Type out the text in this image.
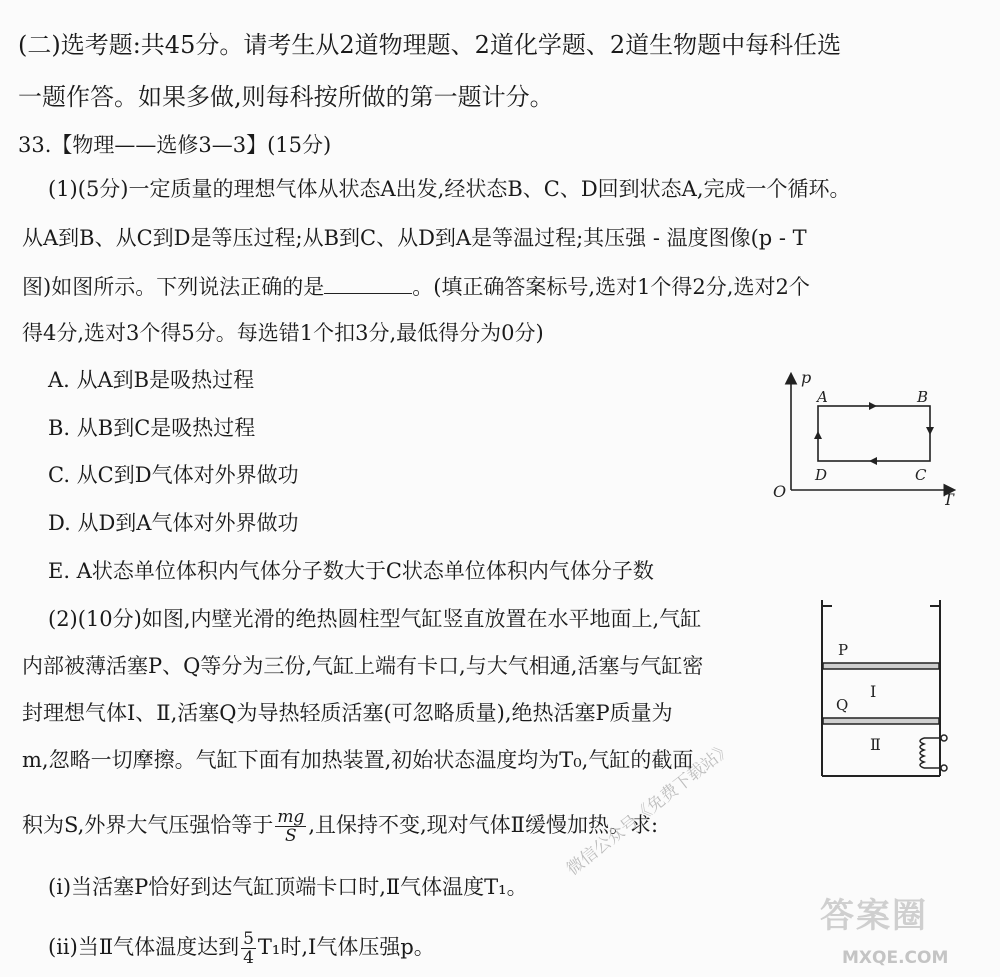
(二)选考题:共45分。请考生从2道物理题、2道化学题、2道生物题中每科任选
一题作答。如果多做,则每科按所做的第一题计分。
33.【物理——选修3—3】(15分)
(1)(5分)一定质量的理想气体从状态A出发,经状态B、C、D回到状态A,完成一个循环。
从A到B、从C到D是等压过程;从B到C、从D到A是等温过程;其压强 - 温度图像(p - T
图)如图所示。下列说法正确的是	。(填正确答案标号,选对1个得2分,选对2个
得4分,选对3个得5分。每选错1个扣3分,最低得分为0分)
A. 从A到B是吸热过程
B. 从B到C是吸热过程
C. 从C到D气体对外界做功
D. 从D到A气体对外界做功
E. A状态单位体积内气体分子数大于C状态单位体积内气体分子数
p
T
O
A	B
C
D
(2)(10分)如图,内壁光滑的绝热圆柱型气缸竖直放置在水平地面上,气缸
内部被薄活塞P、Q等分为三份,气缸上端有卡口,与大气相通,活塞与气缸密
封理想气体Ⅰ、Ⅱ,活塞Q为导热轻质活塞(可忽略质量),绝热活塞P质量为
m,忽略一切摩擦。气缸下面有加热装置,初始状态温度均为T₀,气缸的截面
积为S,外界大气压强恰等于 $\frac{mg}{S}$ ,且保持不变,现对气体Ⅱ缓慢加热。求:
(i)当活塞P恰好到达气缸顶端卡口时,Ⅱ气体温度T₁。
(ii)当Ⅱ气体温度达到 $\frac{5}{4} T_1$时,Ⅰ气体压强p。
P
Q
Ⅰ
Ⅱ
微信公众号《免费下载站》
答案圈
MXQE.COM
